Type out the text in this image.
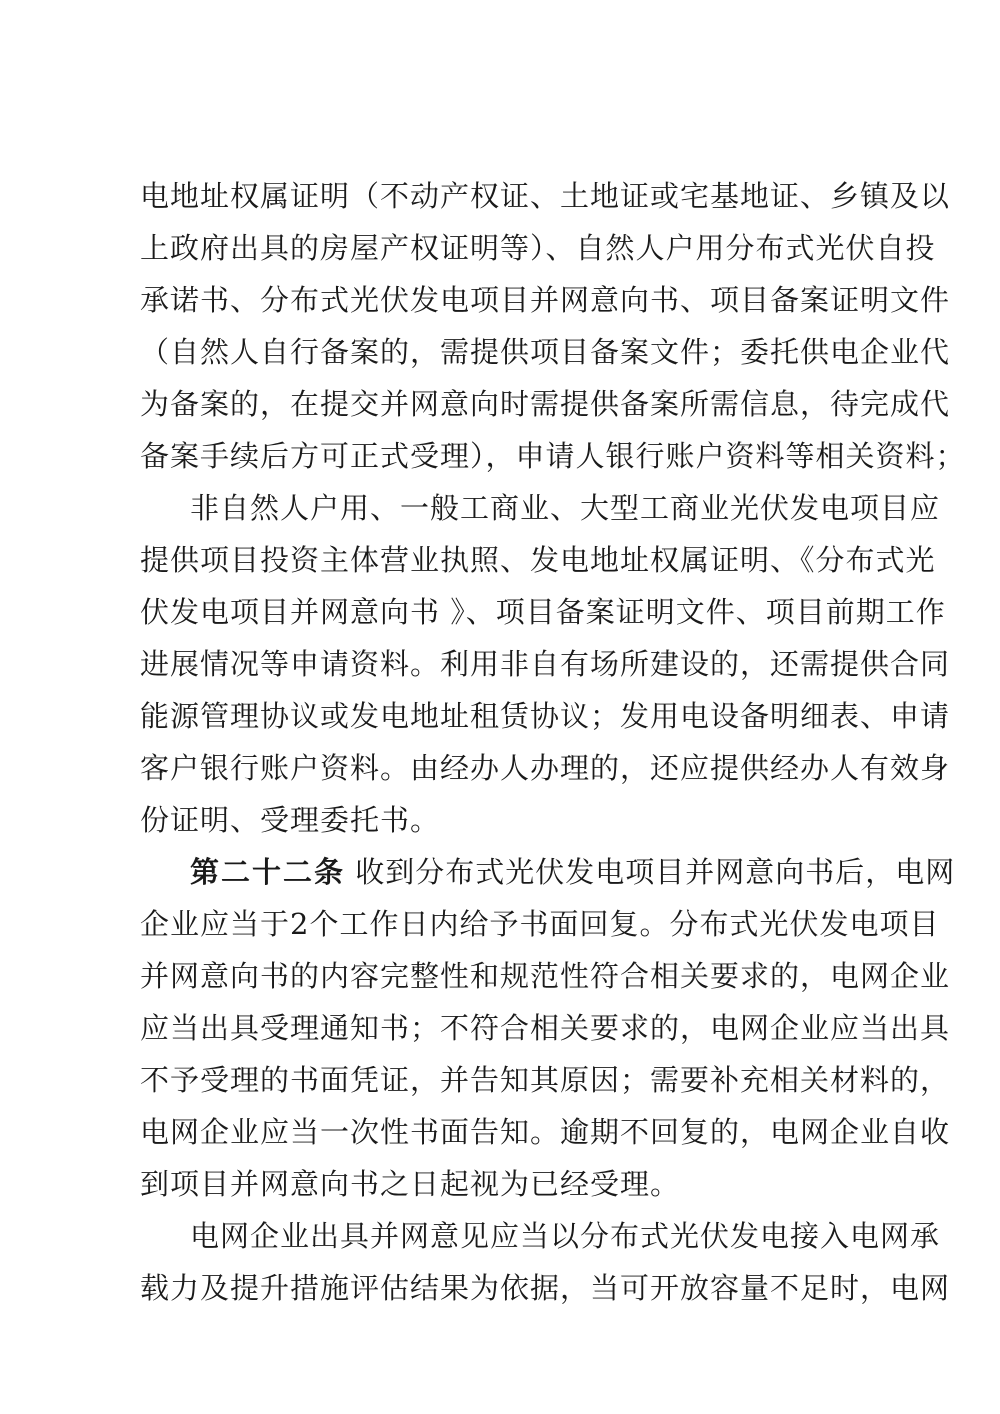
电地址权属证明（不动产权证、土地证或宅基地证、乡镇及以
上政府出具的房屋产权证明等）、自然人户用分布式光伏自投
承诺书、分布式光伏发电项目并网意向书、项目备案证明文件
（自然人自行备案的，需提供项目备案文件；委托供电企业代
为备案的，在提交并网意向时需提供备案所需信息，待完成代
备案手续后方可正式受理），申请人银行账户资料等相关资料；
非自然人户用、一般工商业、大型工商业光伏发电项目应
提供项目投资主体营业执照、发电地址权属证明、《分布式光
伏发电项目并网意向书 》、项目备案证明文件、项目前期工作
进展情况等申请资料。利用非自有场所建设的，还需提供合同
能源管理协议或发电地址租赁协议；发用电设备明细表、申请
客户银行账户资料。由经办人办理的，还应提供经办人有效身
份证明、受理委托书。
第二十二条 收到分布式光伏发电项目并网意向书后，电网
企业应当于2个工作日内给予书面回复。分布式光伏发电项目
并网意向书的内容完整性和规范性符合相关要求的，电网企业
应当出具受理通知书；不符合相关要求的，电网企业应当出具
不予受理的书面凭证，并告知其原因；需要补充相关材料的，
电网企业应当一次性书面告知。逾期不回复的，电网企业自收
到项目并网意向书之日起视为已经受理。
电网企业出具并网意见应当以分布式光伏发电接入电网承
载力及提升措施评估结果为依据，当可开放容量不足时，电网
